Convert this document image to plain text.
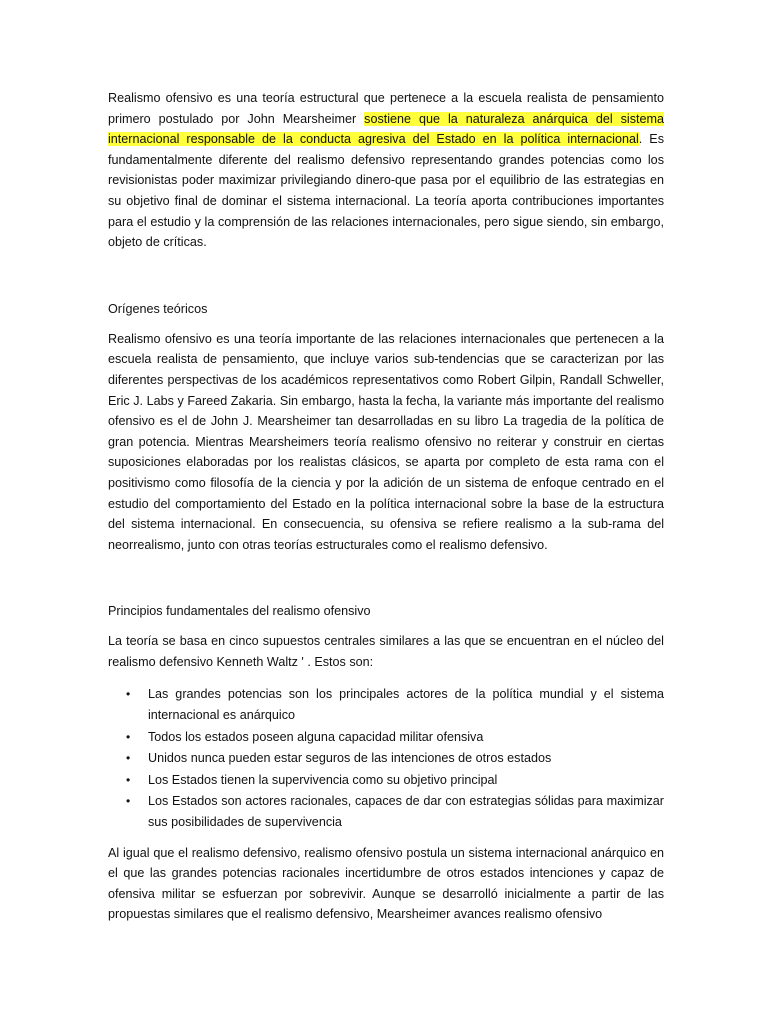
Realismo ofensivo es una teoría estructural que pertenece a la escuela realista de pensamiento primero postulado por John Mearsheimer sostiene que la naturaleza anárquica del sistema internacional responsable de la conducta agresiva del Estado en la política internacional. Es fundamentalmente diferente del realismo defensivo representando grandes potencias como los revisionistas poder maximizar privilegiando dinero-que pasa por el equilibrio de las estrategias en su objetivo final de dominar el sistema internacional. La teoría aporta contribuciones importantes para el estudio y la comprensión de las relaciones internacionales, pero sigue siendo, sin embargo, objeto de críticas.

Orígenes teóricos

Realismo ofensivo es una teoría importante de las relaciones internacionales que pertenecen a la escuela realista de pensamiento, que incluye varios sub-tendencias que se caracterizan por las diferentes perspectivas de los académicos representativos como Robert Gilpin, Randall Schweller, Eric J. Labs y Fareed Zakaria. Sin embargo, hasta la fecha, la variante más importante del realismo ofensivo es el de John J. Mearsheimer tan desarrolladas en su libro La tragedia de la política de gran potencia. Mientras Mearsheimers teoría realismo ofensivo no reiterar y construir en ciertas suposiciones elaboradas por los realistas clásicos, se aparta por completo de esta rama con el positivismo como filosofía de la ciencia y por la adición de un sistema de enfoque centrado en el estudio del comportamiento del Estado en la política internacional sobre la base de la estructura del sistema internacional. En consecuencia, su ofensiva se refiere realismo a la sub-rama del neorrealismo, junto con otras teorías estructurales como el realismo defensivo.

Principios fundamentales del realismo ofensivo

La teoría se basa en cinco supuestos centrales similares a las que se encuentran en el núcleo del realismo defensivo Kenneth Waltz ' . Estos son:

• Las grandes potencias son los principales actores de la política mundial y el sistema internacional es anárquico
• Todos los estados poseen alguna capacidad militar ofensiva
• Unidos nunca pueden estar seguros de las intenciones de otros estados
• Los Estados tienen la supervivencia como su objetivo principal
• Los Estados son actores racionales, capaces de dar con estrategias sólidas para maximizar sus posibilidades de supervivencia

Al igual que el realismo defensivo, realismo ofensivo postula un sistema internacional anárquico en el que las grandes potencias racionales incertidumbre de otros estados intenciones y capaz de ofensiva militar se esfuerzan por sobrevivir. Aunque se desarrolló inicialmente a partir de las propuestas similares que el realismo defensivo, Mearsheimer avances realismo ofensivo
